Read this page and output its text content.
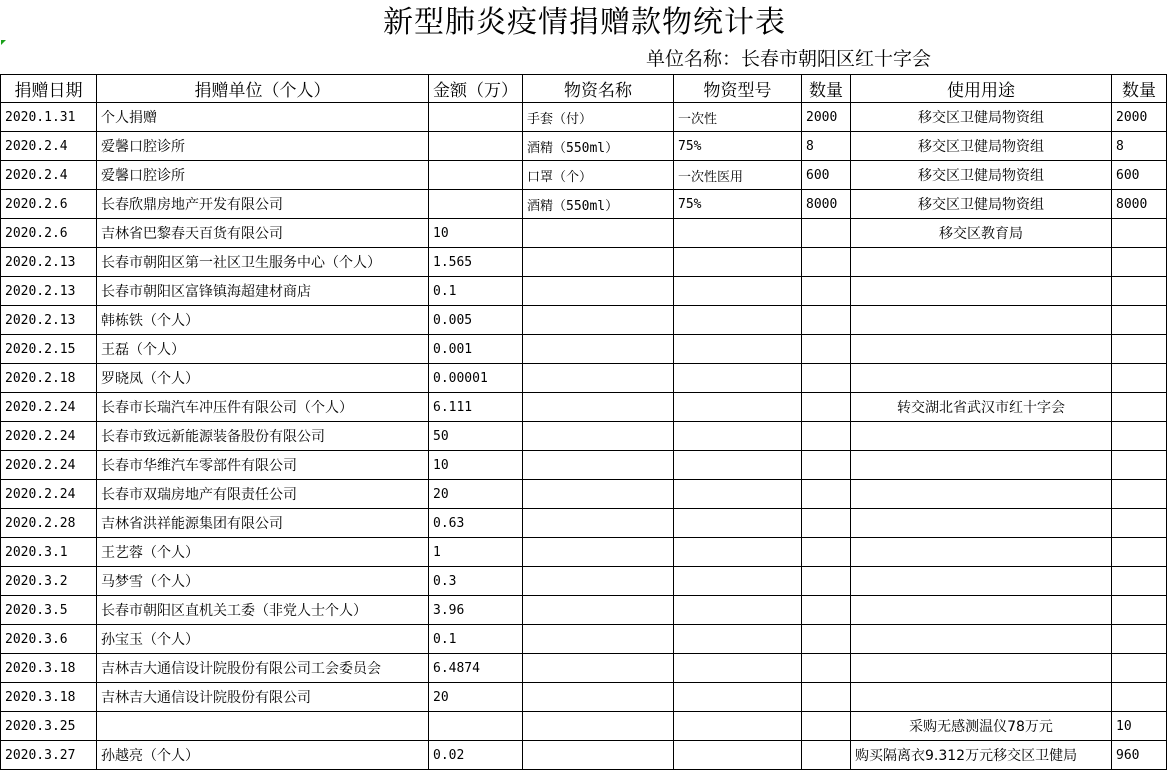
新型肺炎疫情捐赠款物统计表
单位名称：长春市朝阳区红十字会
捐赠日期	捐赠单位（个人）	金额（万）	物资名称	物资型号	数量	使用用途	数量
2020.1.31	个人捐赠		手套（付）	一次性	2000	移交区卫健局物资组	2000
2020.2.4	爱馨口腔诊所		酒精（550ml）	75%	8	移交区卫健局物资组	8
2020.2.4	爱馨口腔诊所		口罩（个）	一次性医用	600	移交区卫健局物资组	600
2020.2.6	长春欣鼎房地产开发有限公司		酒精（550ml）	75%	8000	移交区卫健局物资组	8000
2020.2.6	吉林省巴黎春天百货有限公司	10				移交区教育局	
2020.2.13	长春市朝阳区第一社区卫生服务中心（个人）	1.565					
2020.2.13	长春市朝阳区富锋镇海超建材商店	0.1					
2020.2.13	韩栋铁（个人）	0.005					
2020.2.15	王磊（个人）	0.001					
2020.2.18	罗晓凤（个人）	0.00001					
2020.2.24	长春市长瑞汽车冲压件有限公司（个人）	6.111				转交湖北省武汉市红十字会	
2020.2.24	长春市致远新能源装备股份有限公司	50					
2020.2.24	长春市华维汽车零部件有限公司	10					
2020.2.24	长春市双瑞房地产有限责任公司	20					
2020.2.28	吉林省洪祥能源集团有限公司	0.63					
2020.3.1	王艺蓉（个人）	1					
2020.3.2	马梦雪（个人）	0.3					
2020.3.5	长春市朝阳区直机关工委（非党人士个人）	3.96					
2020.3.6	孙宝玉（个人）	0.1					
2020.3.18	吉林吉大通信设计院股份有限公司工会委员会	6.4874					
2020.3.18	吉林吉大通信设计院股份有限公司	20					
2020.3.25						采购无感测温仪78万元	10
2020.3.27	孙越亮（个人）	0.02				购买隔离衣9.312万元移交区卫健局	960
